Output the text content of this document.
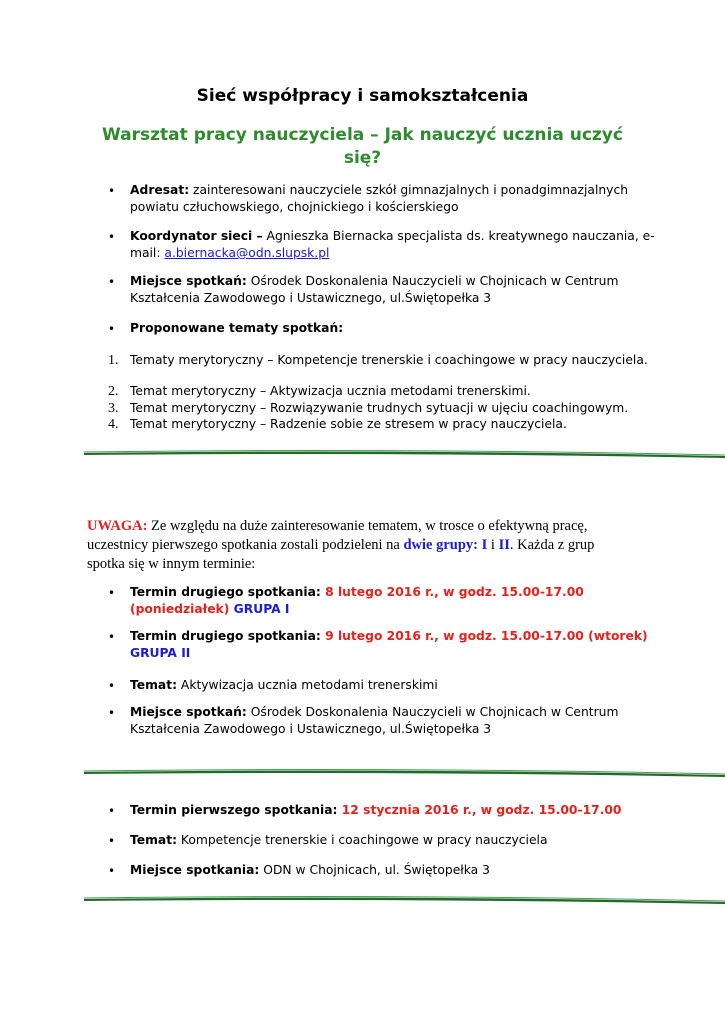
Sieć współpracy i samokształcenia
Warsztat pracy nauczyciela – Jak nauczyć ucznia uczyć się?
• Adresat: zainteresowani nauczyciele szkół gimnazjalnych i ponadgimnazjalnych powiatu człuchowskiego, chojnickiego i kościerskiego
• Koordynator sieci – Agnieszka Biernacka specjalista ds. kreatywnego nauczania, e-mail: a.biernacka@odn.slupsk.pl
• Miejsce spotkań: Ośrodek Doskonalenia Nauczycieli w Chojnicach w Centrum Kształcenia Zawodowego i Ustawicznego, ul.Świętopełka 3
• Proponowane tematy spotkań:
1. Tematy merytoryczny – Kompetencje trenerskie i coachingowe w pracy nauczyciela.
2. Temat merytoryczny – Aktywizacja ucznia metodami trenerskimi.
3. Temat merytoryczny – Rozwiązywanie trudnych sytuacji w ujęciu coachingowym.
4. Temat merytoryczny – Radzenie sobie ze stresem w pracy nauczyciela.
UWAGA: Ze względu na duże zainteresowanie tematem, w trosce o efektywną pracę, uczestnicy pierwszego spotkania zostali podzieleni na dwie grupy: I i II. Każda z grup spotka się w innym terminie:
• Termin drugiego spotkania: 8 lutego 2016 r., w godz. 15.00-17.00 (poniedziałek) GRUPA I
• Termin drugiego spotkania: 9 lutego 2016 r., w godz. 15.00-17.00 (wtorek) GRUPA II
• Temat: Aktywizacja ucznia metodami trenerskimi
• Miejsce spotkań: Ośrodek Doskonalenia Nauczycieli w Chojnicach w Centrum Kształcenia Zawodowego i Ustawicznego, ul.Świętopełka 3
• Termin pierwszego spotkania: 12 stycznia 2016 r., w godz. 15.00-17.00
• Temat: Kompetencje trenerskie i coachingowe w pracy nauczyciela
• Miejsce spotkania: ODN w Chojnicach, ul. Świętopełka 3
